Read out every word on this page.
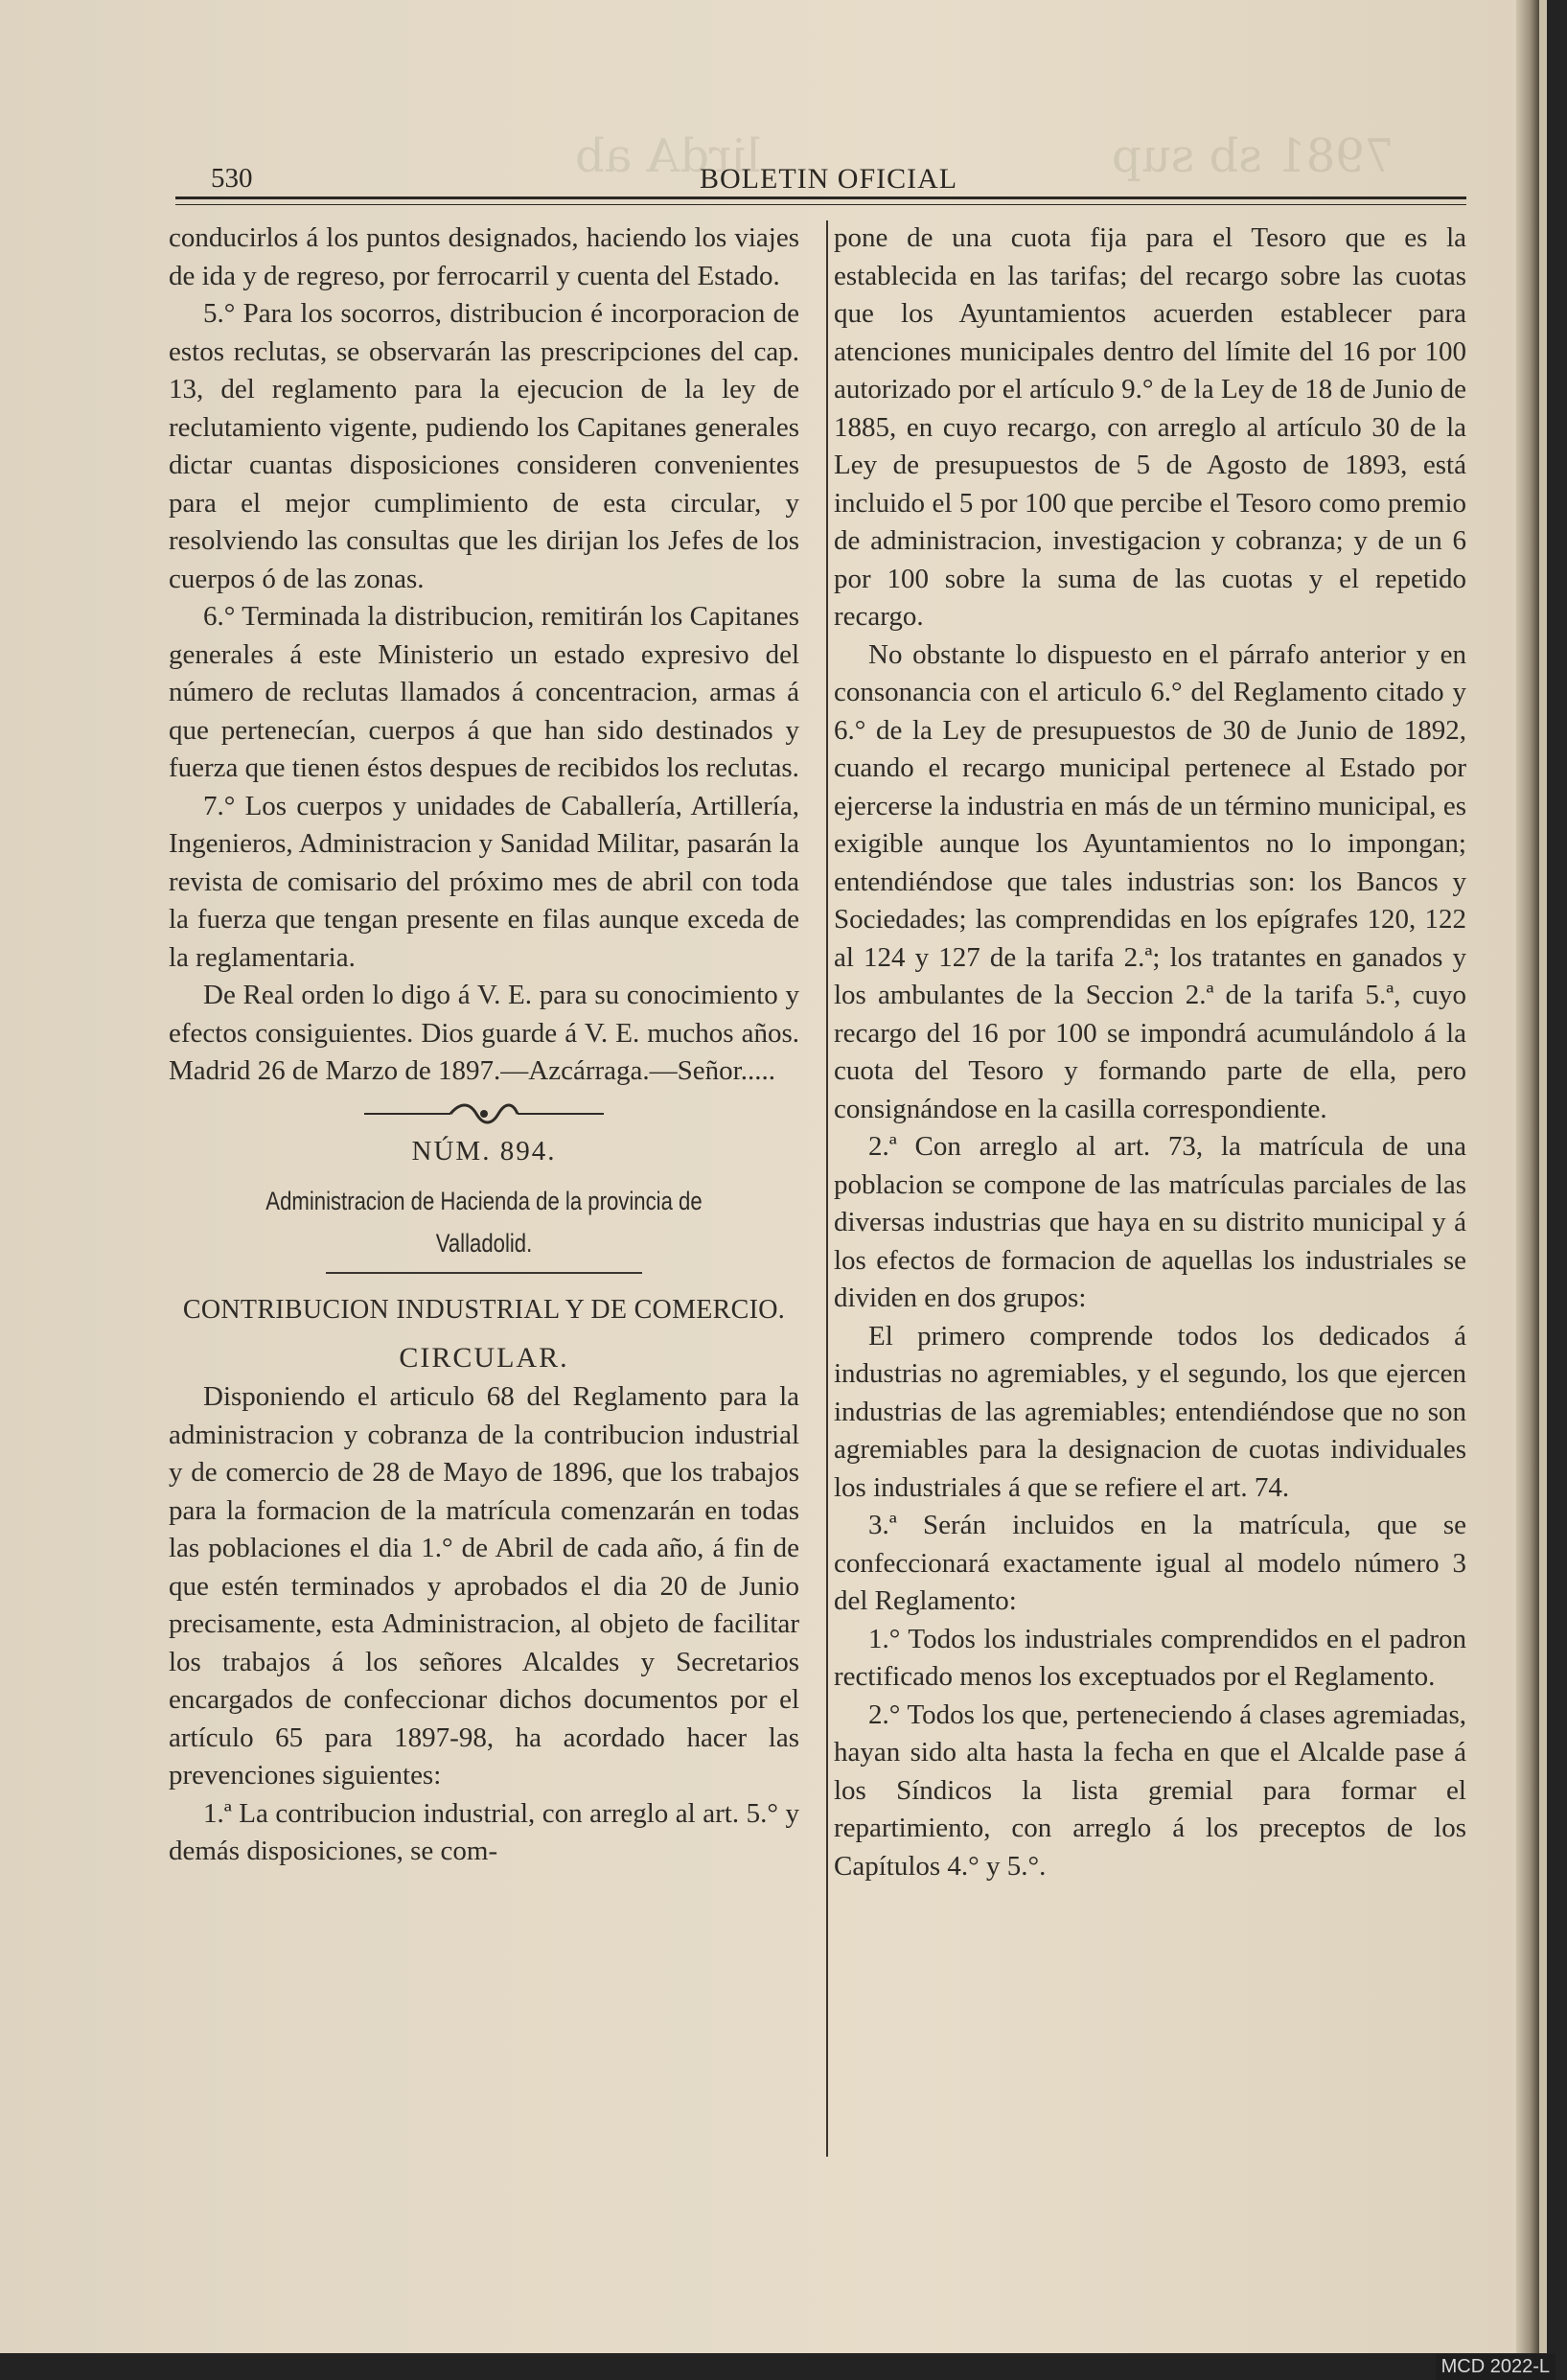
lirdA ab	7981 sb sup
530	BOLETIN OFICIAL

conducirlos á los puntos designados, haciendo los viajes de ida y de regreso, por ferrocarril y cuenta del Estado.

5.° Para los socorros, distribucion é incorporacion de estos reclutas, se observarán las prescripciones del cap. 13, del reglamento para la ejecucion de la ley de reclutamiento vigente, pudiendo los Capitanes generales dictar cuantas disposiciones consideren convenientes para el mejor cumplimiento de esta circular, y resolviendo las consultas que les dirijan los Jefes de los cuerpos ó de las zonas.

6.° Terminada la distribucion, remitirán los Capitanes generales á este Ministerio un estado expresivo del número de reclutas llamados á concentracion, armas á que pertenecían, cuerpos á que han sido destinados y fuerza que tienen éstos despues de recibidos los reclutas.

7.° Los cuerpos y unidades de Caballería, Artillería, Ingenieros, Administracion y Sanidad Militar, pasarán la revista de comisario del próximo mes de abril con toda la fuerza que tengan presente en filas aunque exceda de la reglamentaria.

De Real orden lo digo á V. E. para su conocimiento y efectos consiguientes. Dios guarde á V. E. muchos años. Madrid 26 de Marzo de 1897.—Azcárraga.—Señor.....

NÚM. 894.
Administracion de Hacienda de la provincia de Valladolid.
CONTRIBUCION INDUSTRIAL Y DE COMERCIO.
CIRCULAR.

Disponiendo el articulo 68 del Reglamento para la administracion y cobranza de la contribucion industrial y de comercio de 28 de Mayo de 1896, que los trabajos para la formacion de la matrícula comenzarán en todas las poblaciones el dia 1.° de Abril de cada año, á fin de que estén terminados y aprobados el dia 20 de Junio precisamente, esta Administracion, al objeto de facilitar los trabajos á los señores Alcaldes y Secretarios encargados de confeccionar dichos documentos por el artículo 65 para 1897-98, ha acordado hacer las prevenciones siguientes:

1.ª La contribucion industrial, con arreglo al art. 5.° y demás disposiciones, se com-

pone de una cuota fija para el Tesoro que es la establecida en las tarifas; del recargo sobre las cuotas que los Ayuntamientos acuerden establecer para atenciones municipales dentro del límite del 16 por 100 autorizado por el artículo 9.° de la Ley de 18 de Junio de 1885, en cuyo recargo, con arreglo al artículo 30 de la Ley de presupuestos de 5 de Agosto de 1893, está incluido el 5 por 100 que percibe el Tesoro como premio de administracion, investigacion y cobranza; y de un 6 por 100 sobre la suma de las cuotas y el repetido recargo.

No obstante lo dispuesto en el párrafo anterior y en consonancia con el articulo 6.° del Reglamento citado y 6.° de la Ley de presupuestos de 30 de Junio de 1892, cuando el recargo municipal pertenece al Estado por ejercerse la industria en más de un término municipal, es exigible aunque los Ayuntamientos no lo impongan; entendiéndose que tales industrias son: los Bancos y Sociedades; las comprendidas en los epígrafes 120, 122 al 124 y 127 de la tarifa 2.ª; los tratantes en ganados y los ambulantes de la Seccion 2.ª de la tarifa 5.ª, cuyo recargo del 16 por 100 se impondrá acumulándolo á la cuota del Tesoro y formando parte de ella, pero consignándose en la casilla correspondiente.

2.ª Con arreglo al art. 73, la matrícula de una poblacion se compone de las matrículas parciales de las diversas industrias que haya en su distrito municipal y á los efectos de formacion de aquellas los industriales se dividen en dos grupos:

El primero comprende todos los dedicados á industrias no agremiables, y el segundo, los que ejercen industrias de las agremiables; entendiéndose que no son agremiables para la designacion de cuotas individuales los industriales á que se refiere el art. 74.

3.ª Serán incluidos en la matrícula, que se confeccionará exactamente igual al modelo número 3 del Reglamento:

1.° Todos los industriales comprendidos en el padron rectificado menos los exceptuados por el Reglamento.

2.° Todos los que, perteneciendo á clases agremiadas, hayan sido alta hasta la fecha en que el Alcalde pase á los Síndicos la lista gremial para formar el repartimiento, con arreglo á los preceptos de los Capítulos 4.° y 5.°.

MCD 2022-L
